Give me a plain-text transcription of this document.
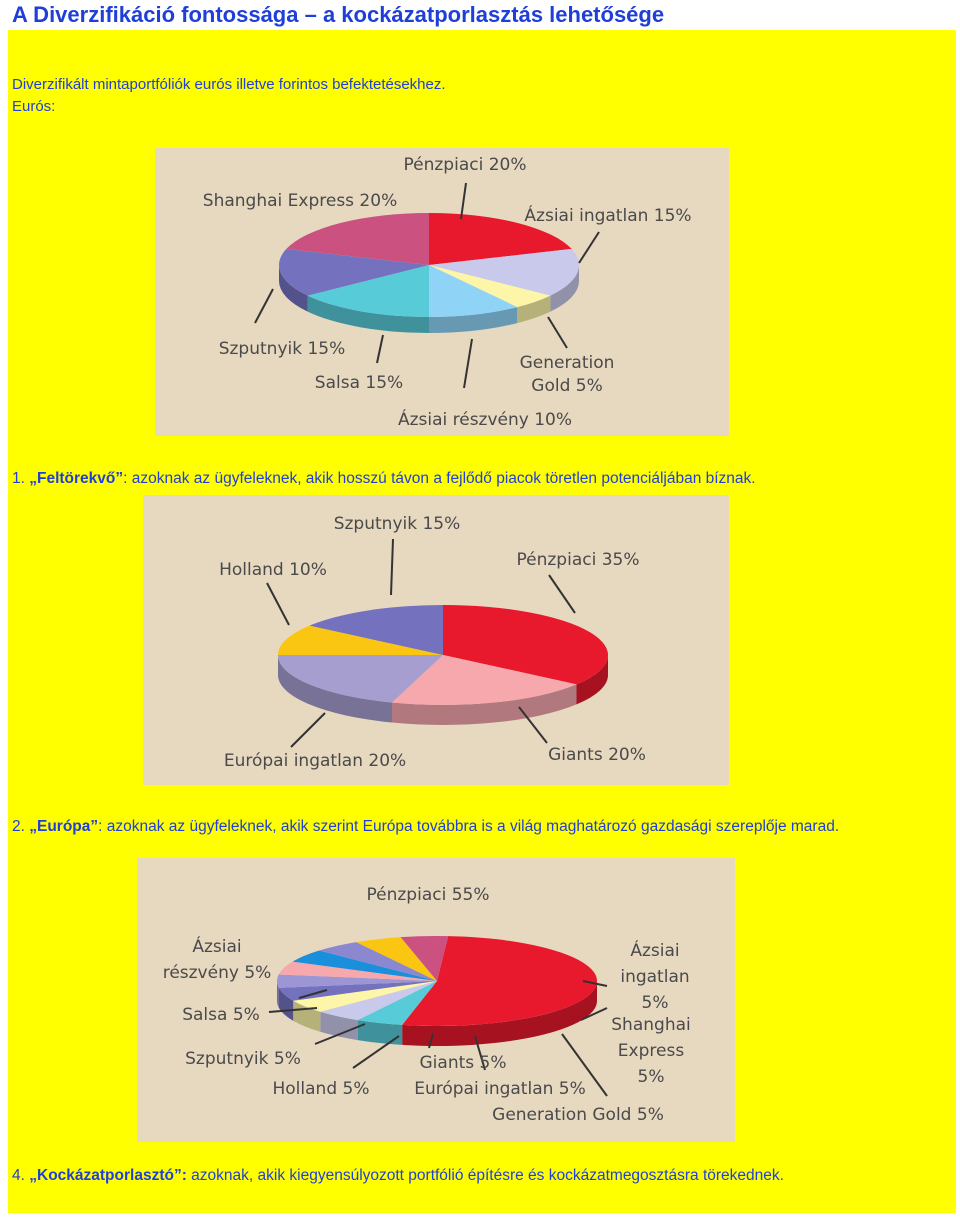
A Diverzifikáció fontossága – a kockázatporlasztás lehetősége
Diverzifikált mintaportfóliók eurós illetve forintos befektetésekhez.
Eurós:
Pénzpiaci 20%
Shanghai Express 20%
Ázsiai ingatlan 15%
Szputnyik 15%
Salsa 15%
Generation
Gold 5%
Ázsiai részvény 10%
1. „Feltörekvő”: azoknak az ügyfeleknek, akik hosszú távon a fejlődő piacok töretlen potenciáljában bíznak.
Szputnyik 15%
Holland 10%	Pénzpiaci 35%
Európai ingatlan 20%	Giants 20%
2. „Európa”: azoknak az ügyfeleknek, akik szerint Európa továbbra is a világ maghatározó gazdasági szereplője marad.
Pénzpiaci 55%
Ázsiai
részvény 5%
Ázsiai
ingatlan
5%
Shanghai
Express
5%
Salsa 5%
Szputnyik 5%
Holland 5%
Giants 5%
Európai ingatlan 5%
Generation Gold 5%
4. „Kockázatporlasztó”: azoknak, akik kiegyensúlyozott portfólió építésre és kockázatmegosztásra törekednek.
